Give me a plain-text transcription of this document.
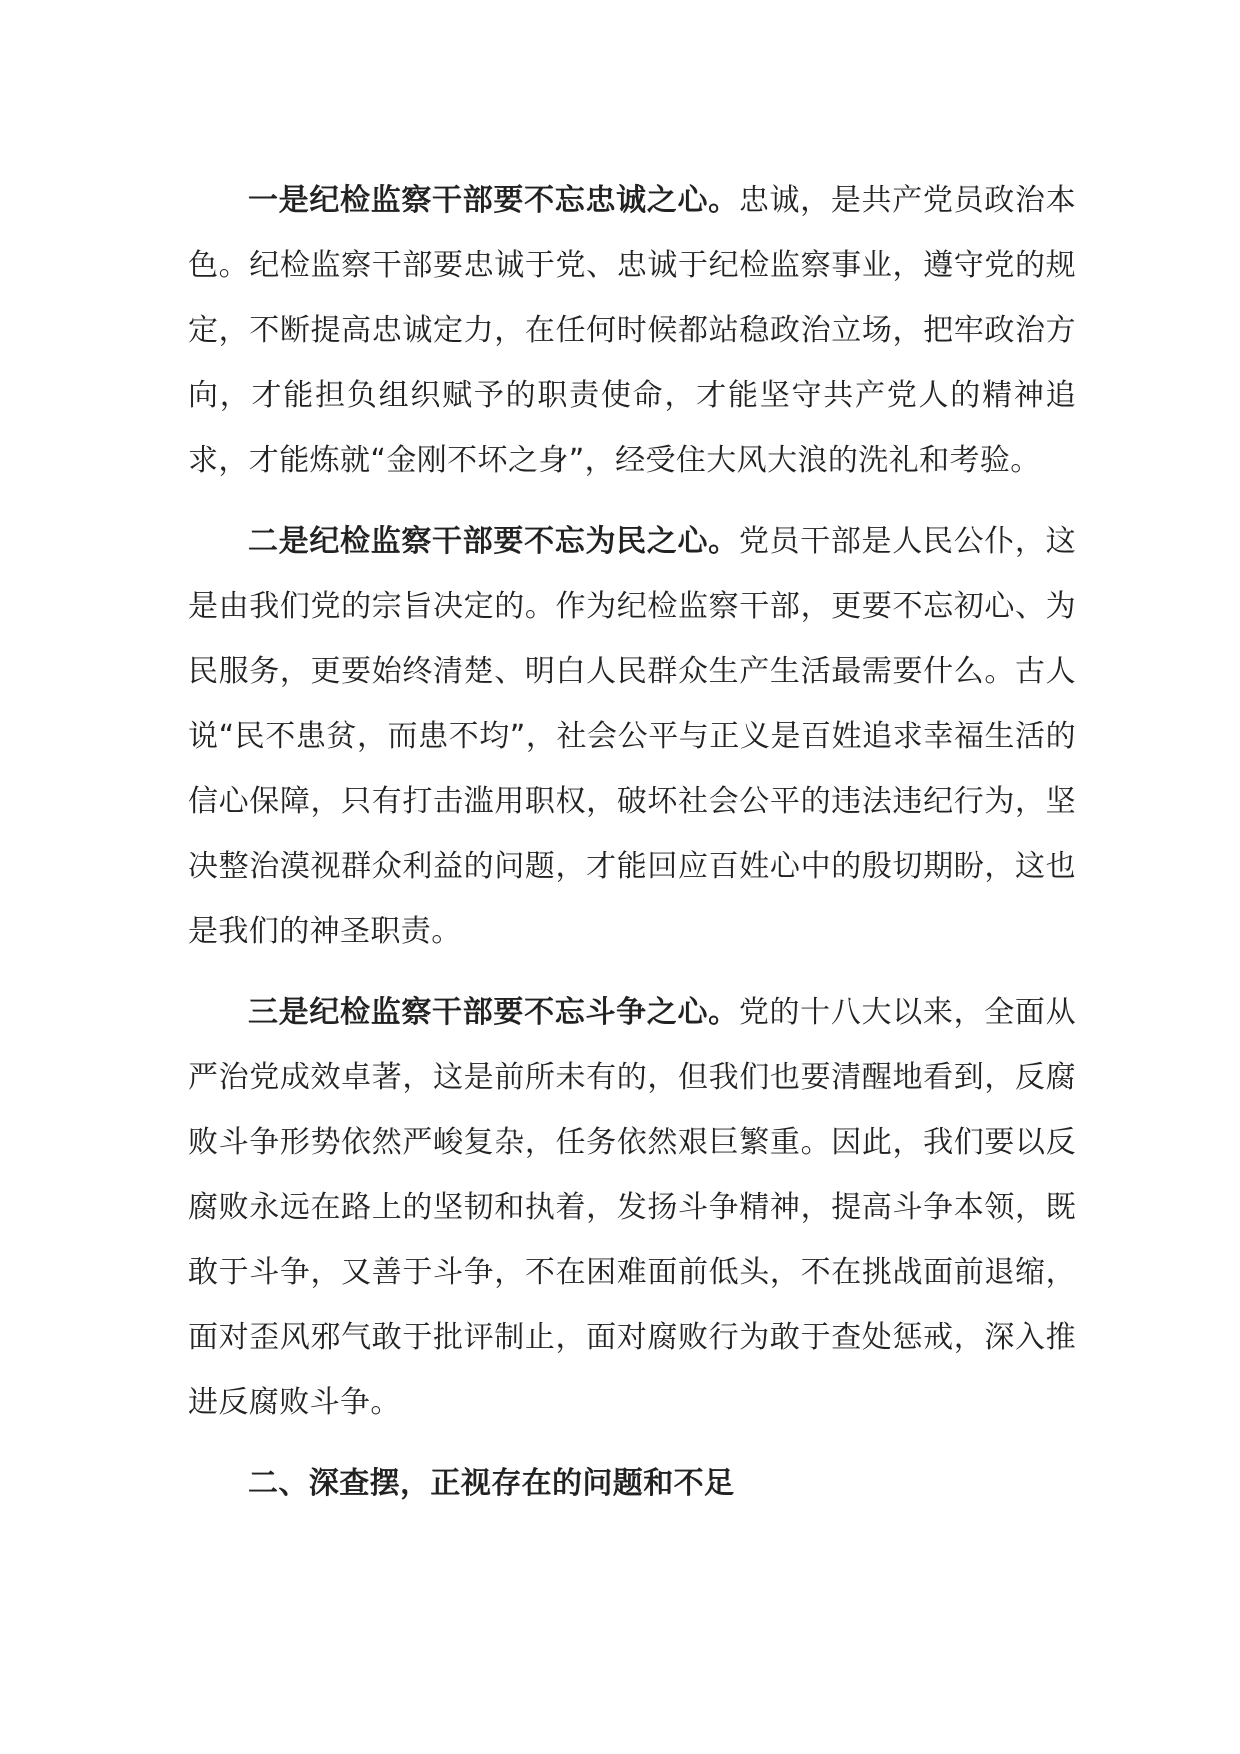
一是纪检监察干部要不忘忠诚之心。忠诚，是共产党员政治本色。纪检监察干部要忠诚于党、忠诚于纪检监察事业，遵守党的规定，不断提高忠诚定力，在任何时候都站稳政治立场，把牢政治方向，才能担负组织赋予的职责使命，才能坚守共产党人的精神追求，才能炼就“金刚不坏之身”，经受住大风大浪的洗礼和考验。

二是纪检监察干部要不忘为民之心。党员干部是人民公仆，这是由我们党的宗旨决定的。作为纪检监察干部，更要不忘初心、为民服务，更要始终清楚、明白人民群众生产生活最需要什么。古人说“民不患贫，而患不均”，社会公平与正义是百姓追求幸福生活的信心保障，只有打击滥用职权，破坏社会公平的违法违纪行为，坚决整治漠视群众利益的问题，才能回应百姓心中的殷切期盼，这也是我们的神圣职责。

三是纪检监察干部要不忘斗争之心。党的十八大以来，全面从严治党成效卓著，这是前所未有的，但我们也要清醒地看到，反腐败斗争形势依然严峻复杂，任务依然艰巨繁重。因此，我们要以反腐败永远在路上的坚韧和执着，发扬斗争精神，提高斗争本领，既敢于斗争，又善于斗争，不在困难面前低头，不在挑战面前退缩，面对歪风邪气敢于批评制止，面对腐败行为敢于查处惩戒，深入推进反腐败斗争。

二、深查摆，正视存在的问题和不足
